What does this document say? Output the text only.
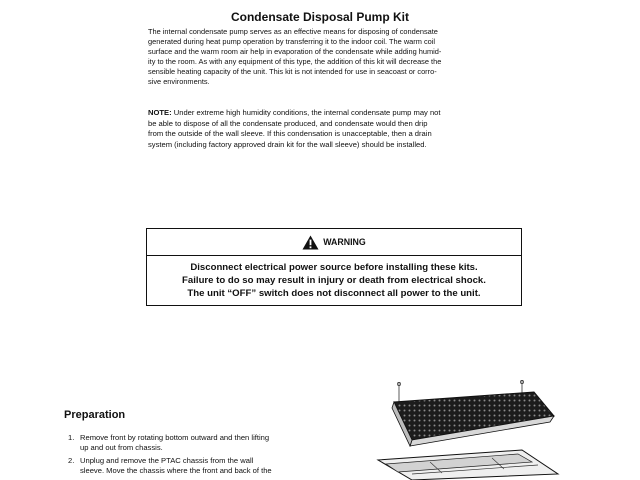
Condensate Disposal Pump Kit

The internal condensate pump serves as an effective means for disposing of condensate

generated during heat pump operation by transferring it to the indoor coil. The warm coil

surface and the warm room air help in evaporation of the condensate while adding humid-

ity to the room. As with any equipment of this type, the addition of this kit will decrease the

sensible heating capacity of the unit. This kit is not intended for use in seacoast or corro-

sive environments.

NOTE: Under extreme high humidity conditions, the internal condensate pump may not

be able to dispose of all the condensate produced, and condensate would then drip

from the outside of the wall sleeve. If this condensation is unacceptable, then a drain

system (including factory approved drain kit for the wall sleeve) should be installed.

WARNING

Disconnect electrical power source before installing these kits.

Failure to do so may result in injury or death from electrical shock.

The unit “OFF” switch does not disconnect all power to the unit.

Preparation
1. Remove front by rotating bottom outward and then lifting

up and out from chassis.

2. Unplug and remove the PTAC chassis from the wall

sleeve. Move the chassis where the front and back of the
